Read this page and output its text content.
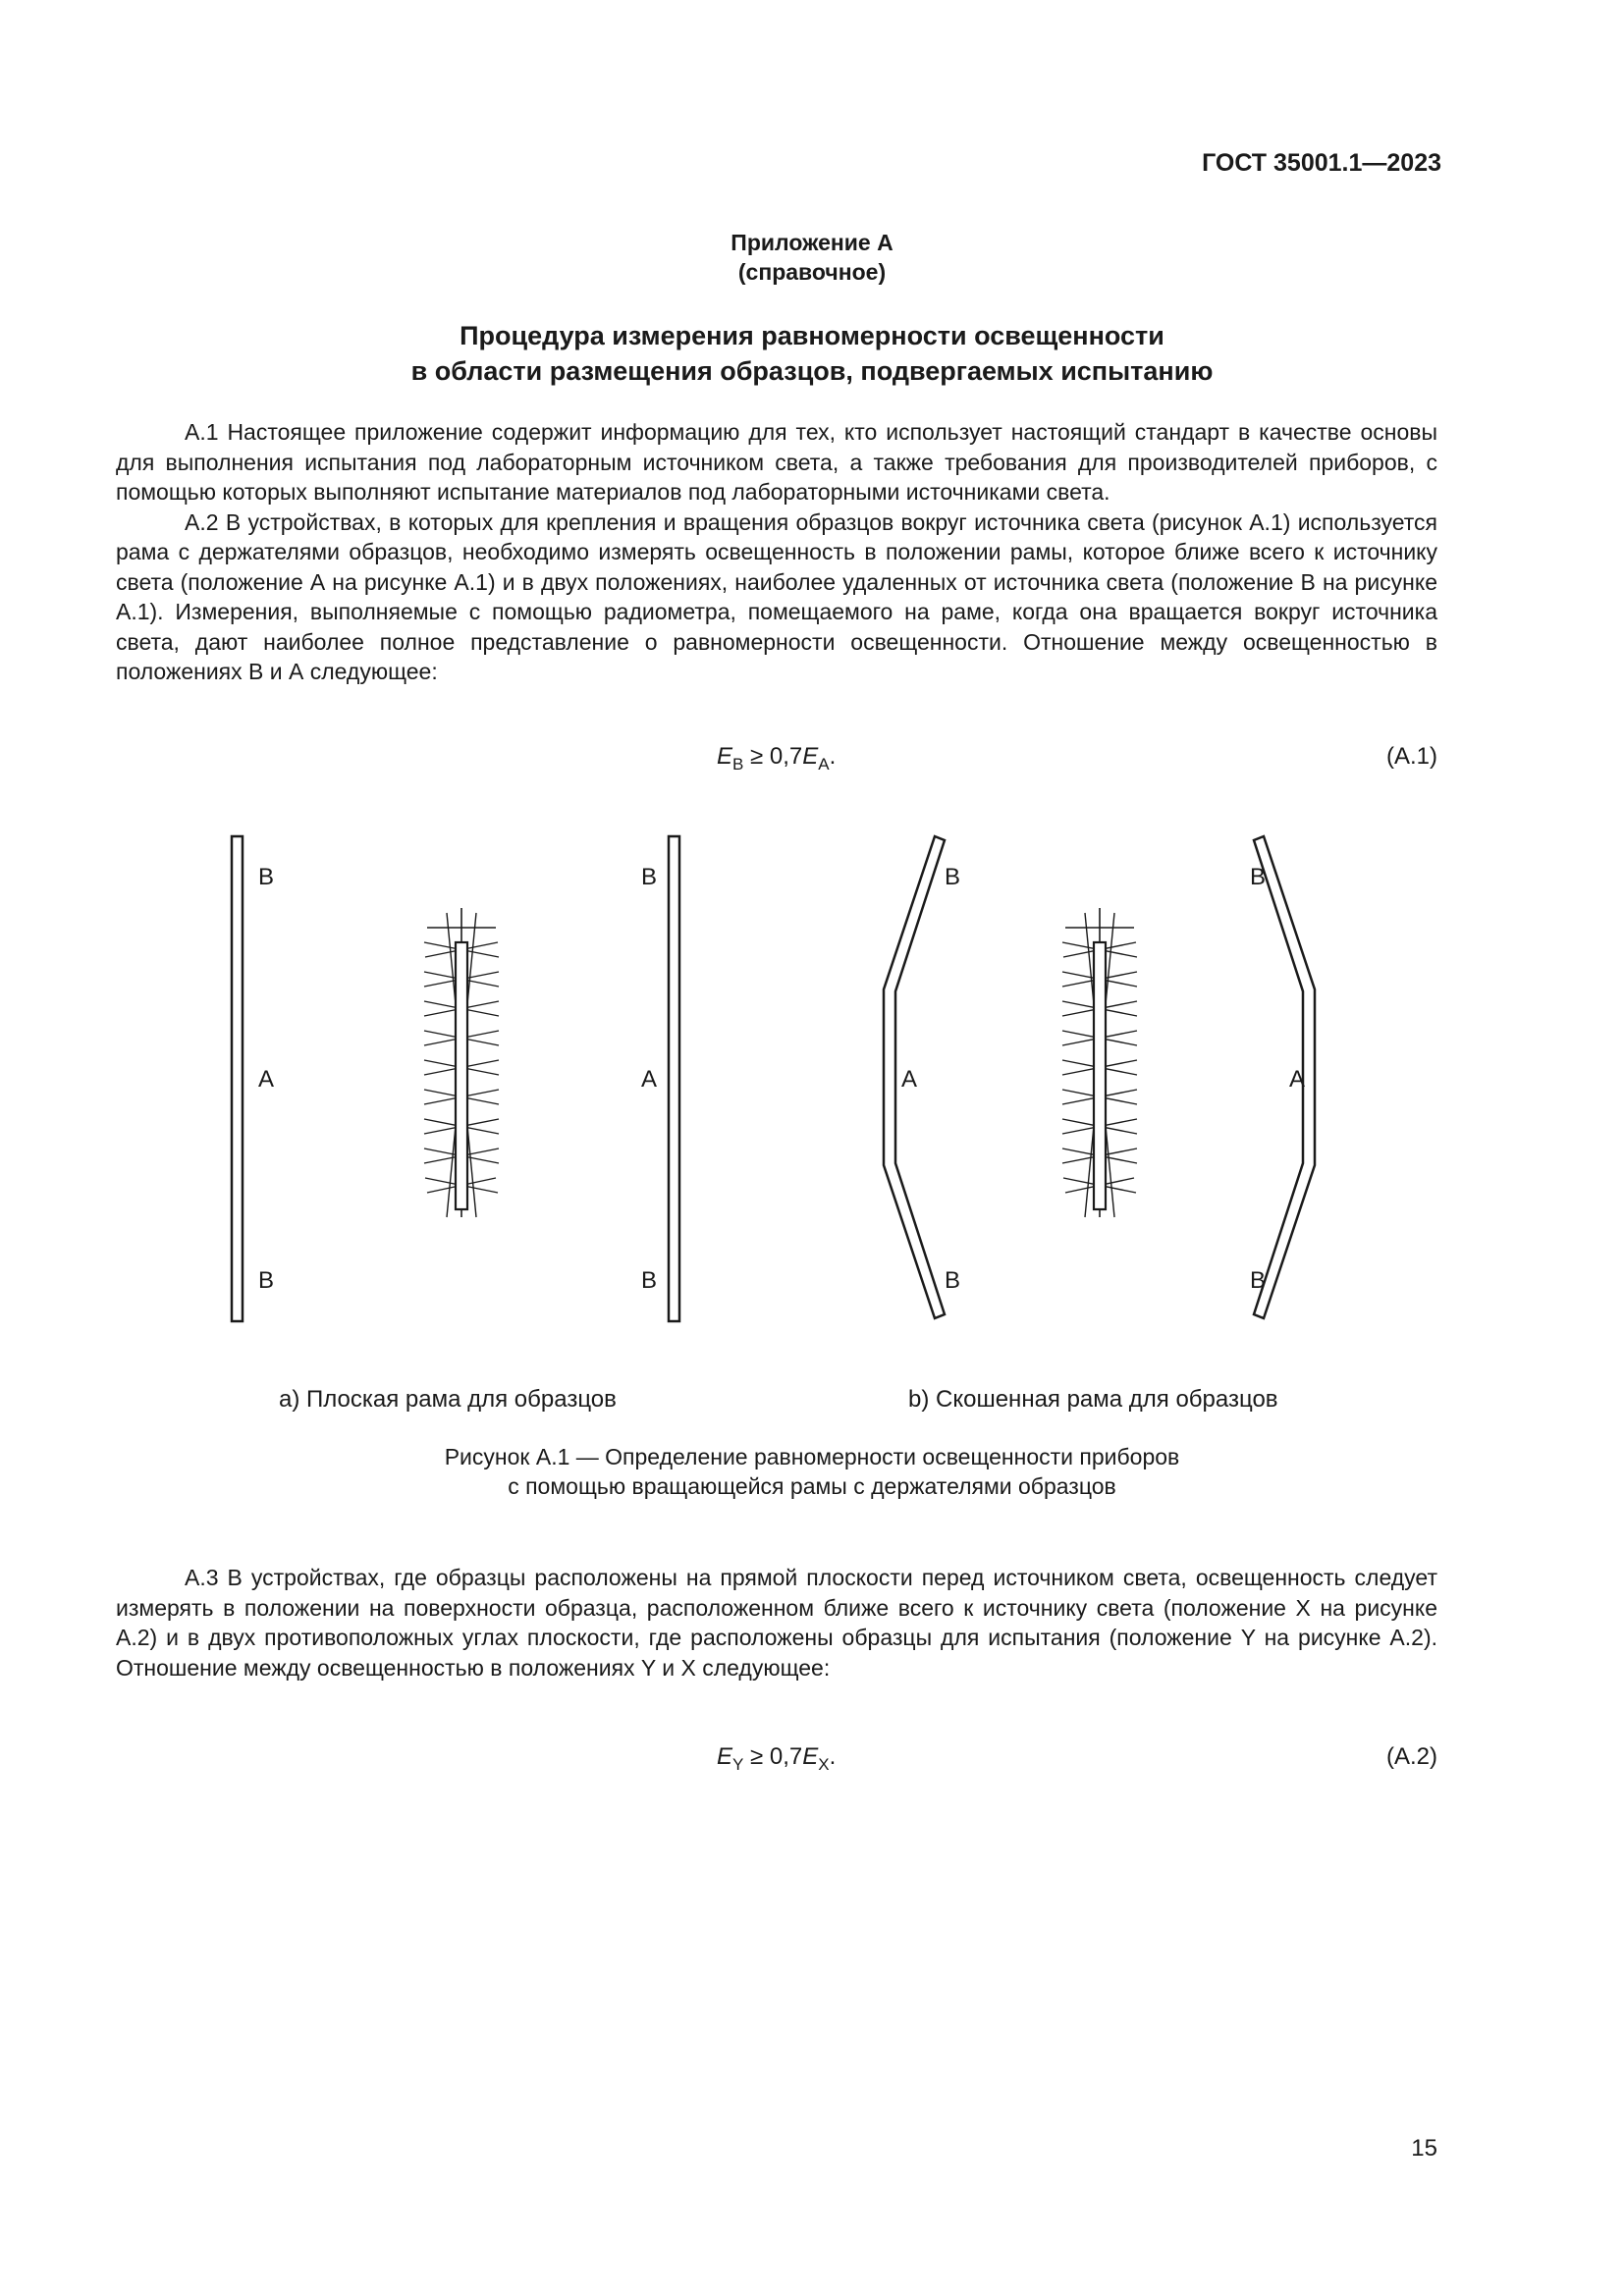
ГОСТ 35001.1—2023
Приложение А
(справочное)
Процедура измерения равномерности освещенности
в области размещения образцов, подвергаемых испытанию

А.1 Настоящее приложение содержит информацию для тех, кто использует настоящий стандарт в качестве основы для выполнения испытания под лабораторным источником света, а также требования для производителей приборов, с помощью которых выполняют испытание материалов под лабораторными источниками света.

А.2 В устройствах, в которых для крепления и вращения образцов вокруг источника света (рисунок А.1) используется рама с держателями образцов, необходимо измерять освещенность в положении рамы, которое ближе всего к источнику света (положение А на рисунке А.1) и в двух положениях, наиболее удаленных от источника света (положение В на рисунке А.1). Измерения, выполняемые с помощью радиометра, помещаемого на раме, когда она вращается вокруг источника света, дают наиболее полное представление о равномерности освещенности. Отношение между освещенностью в положениях В и А следующее:

$E_B \ge 0,7E_A$.	(А.1)
B
A
B
B
A
B
B
A
B
B
A
B
a) Плоская рама для образцов	b) Скошенная рама для образцов
Рисунок А.1 — Определение равномерности освещенности приборов
с помощью вращающейся рамы с держателями образцов

А.3 В устройствах, где образцы расположены на прямой плоскости перед источником света, освещенность следует измерять в положении на поверхности образца, расположенном ближе всего к источнику света (положение Х на рисунке А.2) и в двух противоположных углах плоскости, где расположены образцы для испытания (положение Y на рисунке А.2). Отношение между освещенностью в положениях Y и Х следующее:

$E_Y \ge 0,7E_X$.	(А.2)
15
